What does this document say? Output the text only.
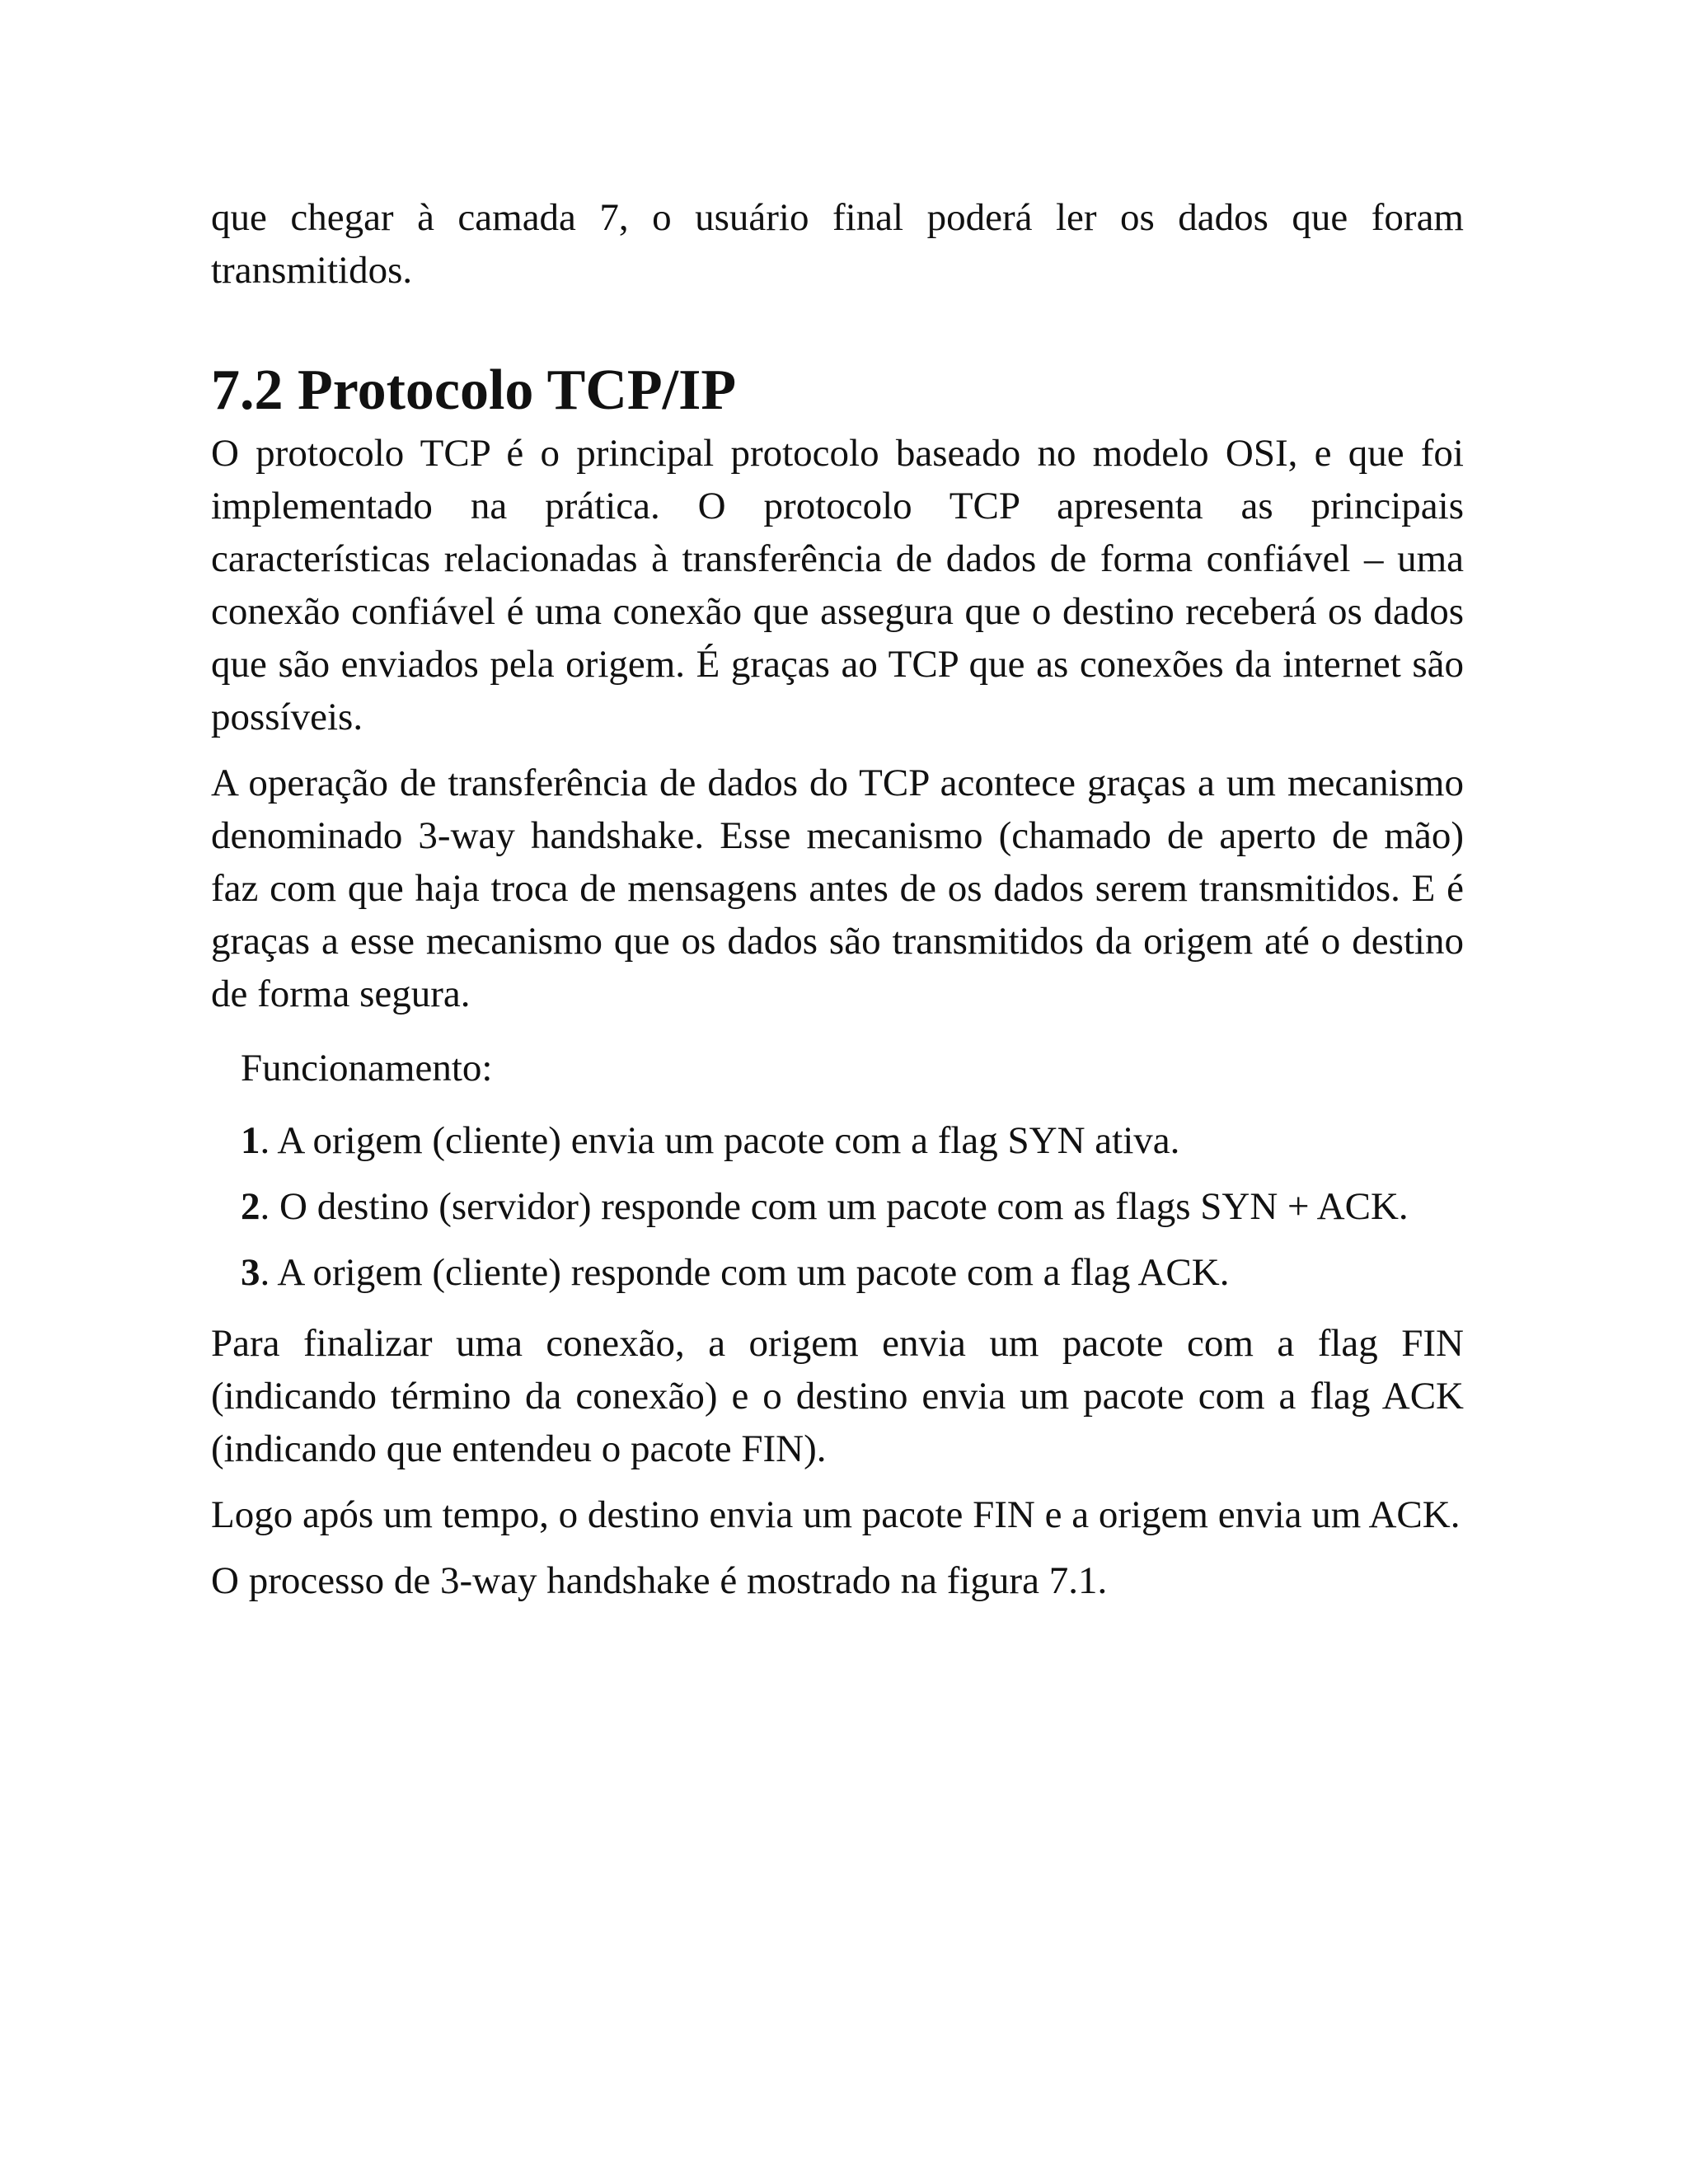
que chegar à camada 7, o usuário final poderá ler os dados que foram transmitidos.

7.2 Protocolo TCP/IP

O protocolo TCP é o principal protocolo baseado no modelo OSI, e que foi implementado na prática. O protocolo TCP apresenta as principais características relacionadas à transferência de dados de forma confiável – uma conexão confiável é uma conexão que assegura que o destino receberá os dados que são enviados pela origem. É graças ao TCP que as conexões da internet são possíveis.

A operação de transferência de dados do TCP acontece graças a um mecanismo denominado 3-way handshake. Esse mecanismo (chamado de aperto de mão) faz com que haja troca de mensagens antes de os dados serem transmitidos. E é graças a esse mecanismo que os dados são transmitidos da origem até o destino de forma segura.

Funcionamento:

1. A origem (cliente) envia um pacote com a flag SYN ativa.
2. O destino (servidor) responde com um pacote com as flags SYN + ACK.
3. A origem (cliente) responde com um pacote com a flag ACK.

Para finalizar uma conexão, a origem envia um pacote com a flag FIN (indicando término da conexão) e o destino envia um pacote com a flag ACK (indicando que entendeu o pacote FIN).

Logo após um tempo, o destino envia um pacote FIN e a origem envia um ACK.

O processo de 3-way handshake é mostrado na figura 7.1.
